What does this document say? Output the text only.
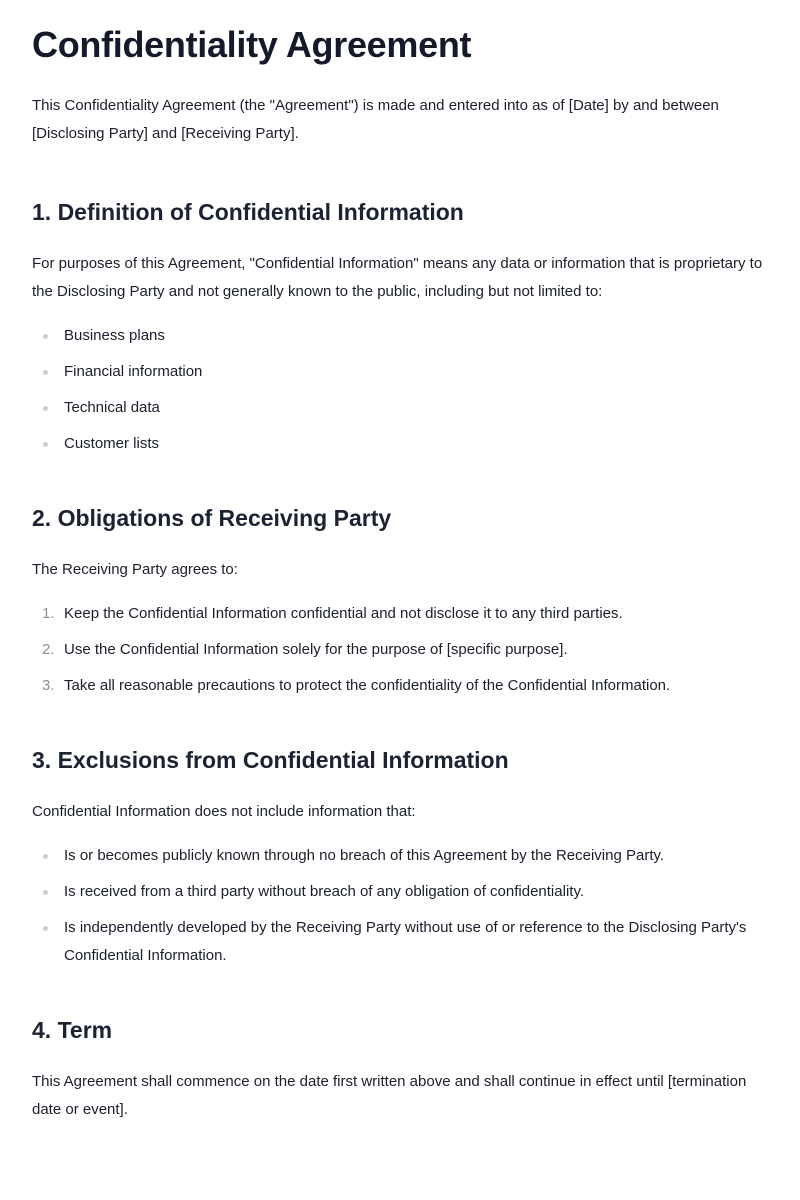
Confidentiality Agreement

This Confidentiality Agreement (the "Agreement") is made and entered into as of [Date] by and between [Disclosing Party] and [Receiving Party].

1. Definition of Confidential Information

For purposes of this Agreement, "Confidential Information" means any data or information that is proprietary to the Disclosing Party and not generally known to the public, including but not limited to:

Business plans
Financial information
Technical data
Customer lists
2. Obligations of Receiving Party

The Receiving Party agrees to:

1. Keep the Confidential Information confidential and not disclose it to any third parties.
2. Use the Confidential Information solely for the purpose of [specific purpose].
3. Take all reasonable precautions to protect the confidentiality of the Confidential Information.
3. Exclusions from Confidential Information

Confidential Information does not include information that:

Is or becomes publicly known through no breach of this Agreement by the Receiving Party.
Is received from a third party without breach of any obligation of confidentiality.
Is independently developed by the Receiving Party without use of or reference to the Disclosing Party's Confidential Information.
4. Term

This Agreement shall commence on the date first written above and shall continue in effect until [termination date or event].
